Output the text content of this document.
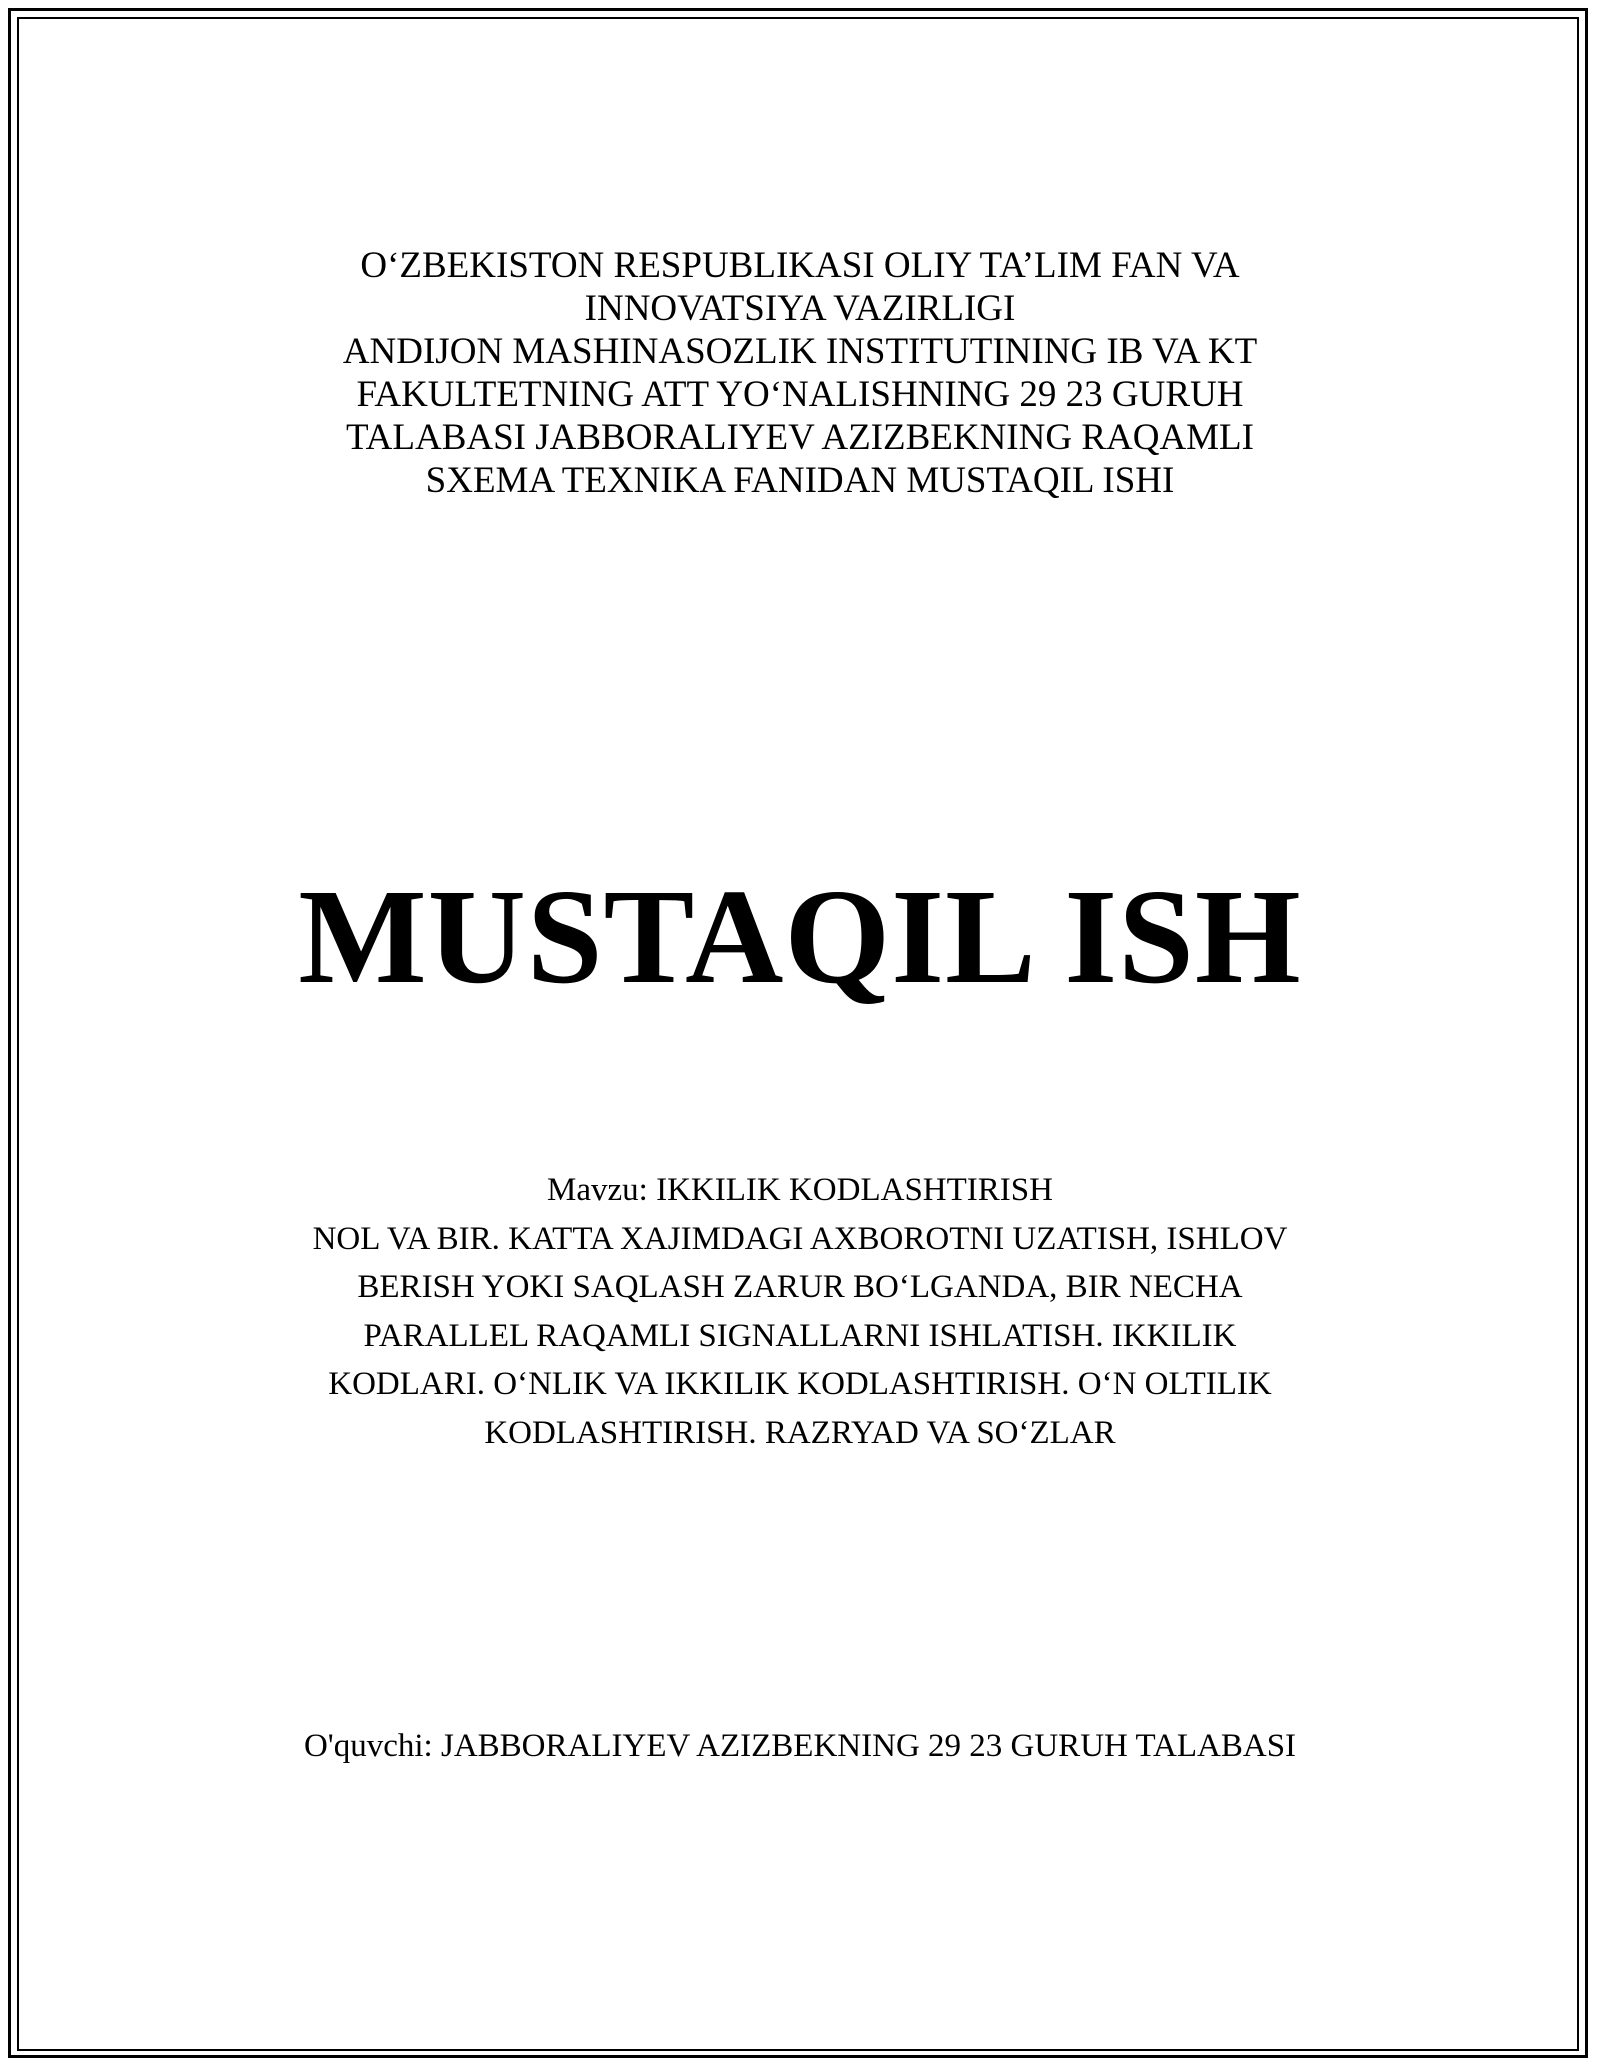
O‘ZBEKISTON RESPUBLIKASI OLIY TA’LIM FAN VA
INNOVATSIYA VAZIRLIGI
ANDIJON MASHINASOZLIK INSTITUTINING IB VA KT
FAKULTETNING ATT YO‘NALISHNING 29 23 GURUH
TALABASI JABBORALIYEV AZIZBEKNING RAQAMLI
SXEMA TEXNIKA FANIDAN MUSTAQIL ISHI
MUSTAQIL ISH
Mavzu: IKKILIK KODLASHTIRISH
NOL VA BIR. KATTA XAJIMDAGI AXBOROTNI UZATISH, ISHLOV
BERISH YOKI SAQLASH ZARUR BO‘LGANDA, BIR NECHA
PARALLEL RAQAMLI SIGNALLARNI ISHLATISH. IKKILIK
KODLARI. O‘NLIK VA IKKILIK KODLASHTIRISH. O‘N OLTILIK
KODLASHTIRISH. RAZRYAD VA SO‘ZLAR
O'quvchi: JABBORALIYEV AZIZBEKNING 29 23 GURUH TALABASI
